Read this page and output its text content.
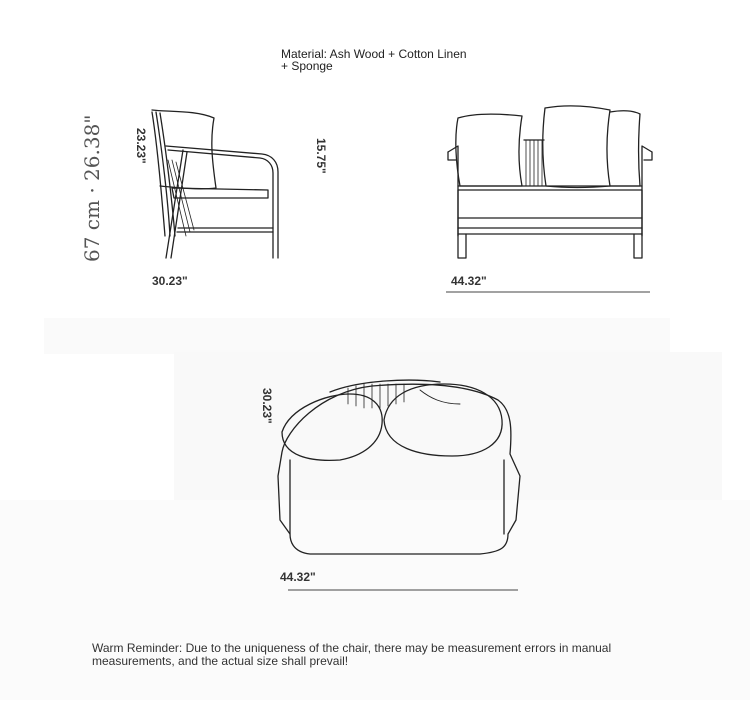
Material: Ash Wood + Cotton Linen
+ Sponge
23.23"	15.75"
30.23"
67 cm · 26.38"
44.32"
30.23"
44.32"
Warm Reminder: Due to the uniqueness of the chair, there may be measurement errors in manual measurements, and the actual size shall prevail!
